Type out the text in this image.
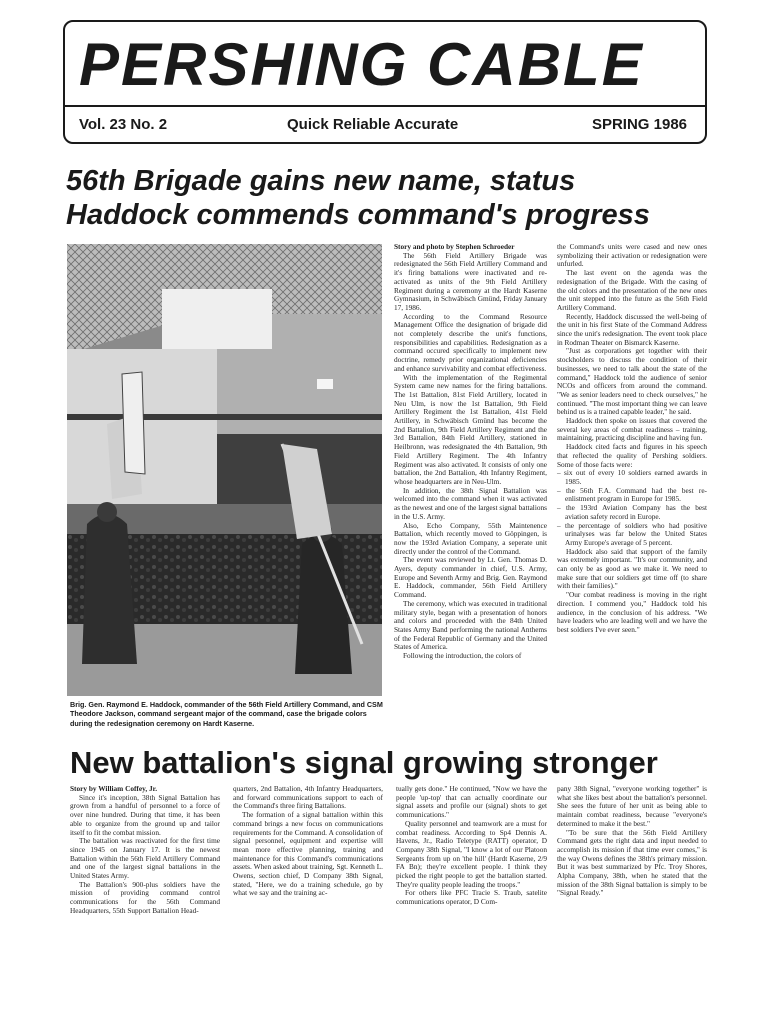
PERSHING CABLE
Vol. 23 No. 2	Quick Reliable Accurate	SPRING 1986
56th Brigade gains new name, status
Haddock commends command's progress
Brig. Gen. Raymond E. Haddock, commander of the 56th Field Artillery Command, and CSM Theodore Jackson, command sergeant major of the command, case the brigade colors during the redesignation ceremony on Hardt Kaserne.

Story and photo by Stephen Schroeder

The 56th Field Artillery Brigade was redesignated the 56th Field Artillery Command and it's firing battalions were inactivated and re-activated as units of the 9th Field Artillery Regiment during a ceremony at the Hardt Kaserne Gymnasium, in Schwäbisch Gmünd, Friday January 17, 1986.

According to the Command Resource Management Office the designation of brigade did not completely describe the unit's functions, responsibilities and capabilities. Redesignation as a command occured specifically to implement new doctrine, remedy prior organizational deficiencies and enhance survivability and combat effectiveness.

With the implementation of the Regimental System came new names for the firing battalions. The 1st Battalion, 81st Field Artillery, located in Neu Ulm, is now the 1st Battalion, 9th Field Artillery Regiment the 1st Battalion, 41st Field Artillery, in Schwäbisch Gmünd has become the 2nd Battalion, 9th Field Artillery Regiment and the 3rd Battalion, 84th Field Artillery, stationed in Heilbronn, was redesignated the 4th Battalion, 9th Field Artillery Regiment. The 4th Infantry Regiment was also activated. It consists of only one battalion, the 2nd Battalion, 4th Infantry Regiment, whose headquarters are in Neu-Ulm.

In addition, the 38th Signal Battalion was welcomed into the command when it was activated as the newest and one of the largest signal battalions in the U.S. Army.

Also, Echo Company, 55th Maintenence Battalion, which recently moved to Göppingen, is now the 193rd Aviation Company, a seperate unit directly under the control of the Command.

The event was reviewed by Lt. Gen. Thomas D. Ayers, deputy commander in chief, U.S. Army, Europe and Seventh Army and Brig. Gen. Raymond E. Haddock, commander, 56th Field Artillery Command.

The ceremony, which was executed in traditional military style, began with a presentation of honors and colors and proceeded with the 84th United States Army Band performing the national Anthems of the Federal Republic of Germany and the United States of America.

Following the introduction, the colors of

the Command's units were cased and new ones symbolizing their activation or redesignation were unfurled.

The last event on the agenda was the redesignation of the Brigade. With the casing of the old colors and the presentation of the new ones the unit stepped into the future as the 56th Field Artillery Command.

Recently, Haddock discussed the well-being of the unit in his first State of the Command Address since the unit's redesignation. The event took place in Rodman Theater on Bismarck Kaserne.

"Just as corporations get together with their stockholders to discuss the condition of their businesses, we need to talk about the state of the command," Haddock told the audience of senior NCOs and officers from around the command. "We as senior leaders need to check ourselves," he continued. "The most important thing we can leave behind us is a trained capable leader," he said.

Haddock then spoke on issues that covered the several key areas of combat readiness – training, maintaining, practicing discipline and having fun.

Haddock cited facts and figures in his speech that reflected the quality of Pershing soldiers. Some of those facts were:

– six out of every 10 soldiers earned awards in 1985.
– the 56th F.A. Command had the best re-enlistment program in Europe for 1985.
– the 193rd Aviation Company has the best aviation safety record in Europe.
– the percentage of soldiers who had positive urinalyses was far below the United States Army Europe's average of 5 percent.

Haddock also said that support of the family was extremely important. "It's our community, and can only be as good as we make it. We need to make sure that our soldiers get time off (to share with their families)."

"Our combat readiness is moving in the right direction. I commend you," Haddock told his audience, in the conclusion of his address. "We have leaders who are leading well and we have the best soldiers I've ever seen."

New battalion's signal growing stronger

Story by William Coffey, Jr.

Since it's inception, 38th Signal Battalion has grown from a handful of personnel to a force of over nine hundred. During that time, it has been able to organize from the ground up and tailor itself to fit the combat mission.

The battalion was reactivated for the first time since 1945 on January 17. It is the newest Battalion within the 56th Field Artillery Command and one of the largest signal battalions in the United States Army.

The Battalion's 900-plus soldiers have the mission of providing command control communications for the 56th Command Headquarters, 55th Support Battalion Head-

quarters, 2nd Battalion, 4th Infantry Headquarters, and forward communications support to each of the Command's three firing Battalions.

The formation of a signal battalion within this command brings a new focus on communications requirements for the Command. A consolidation of signal personnel, equipment and expertise will mean more effective planning, training and maintenance for this Command's communications assets. When asked about training, Sgt. Kenneth L. Owens, section chief, D Company 38th Signal, stated, "Here, we do a training schedule, go by what we say and the training ac-

tually gets done." He continued, "Now we have the people 'up-top' that can actually coordinate our signal assets and profile our (signal) shots to get communications."

Quality personnel and teamwork are a must for combat readiness. According to Sp4 Dennis A. Havens, Jr., Radio Teletype (RATT) operator, D Company 38th Signal, "I know a lot of our Platoon Sergeants from up on 'the hill' (Hardt Kaserne, 2/9 FA Bn); they're excellent people. I think they picked the right people to get the battalion started. They're quality people leading the troops."

For others like PFC Tracie S. Traub, satelite communications operator, D Com-

pany 38th Signal, "everyone working together" is what she likes best about the battalion's personnel. She sees the future of her unit as being able to maintain combat readiness, because "everyone's determined to make it the best."

"To be sure that the 56th Field Artillery Command gets the right data and input needed to accomplish its mission if that time ever comes," is the way Owens defines the 38th's primary mission. But it was best summarized by Pfc. Troy Shores, Alpha Company, 38th, when he stated that the mission of the 38th Signal battalion is simply to be "Signal Ready."
